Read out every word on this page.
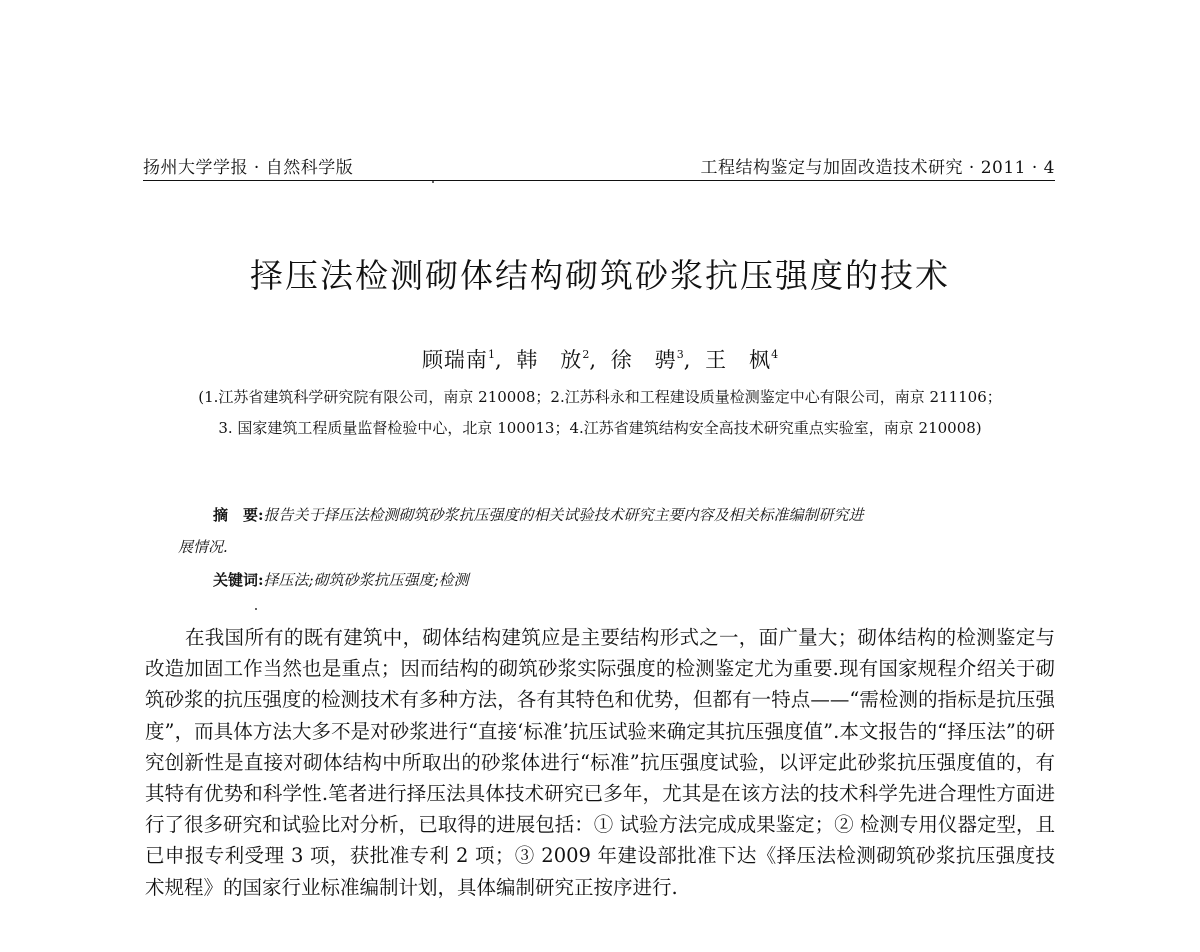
扬州大学学报 · 自然科学版	工程结构鉴定与加固改造技术研究 · 2011 · 4
择压法检测砌体结构砌筑砂浆抗压强度的技术
顾瑞南$^1$, 韩　放$^2$, 徐　骋$^3$, 王　枫$^4$
(1.江苏省建筑科学研究院有限公司，南京 210008；2.江苏科永和工程建设质量检测鉴定中心有限公司，南京 211106；
3. 国家建筑工程质量监督检验中心，北京 100013；4.江苏省建筑结构安全高技术研究重点实验室，南京 210008)
摘　要:报告关于择压法检测砌筑砂浆抗压强度的相关试验技术研究主要内容及相关标准编制研究进
展情况.
关键词:择压法;砌筑砂浆抗压强度;检测

在我国所有的既有建筑中，砌体结构建筑应是主要结构形式之一，面广量大；砌体结构的检测鉴定与改造加固工作当然也是重点；因而结构的砌筑砂浆实际强度的检测鉴定尤为重要.现有国家规程介绍关于砌筑砂浆的抗压强度的检测技术有多种方法，各有其特色和优势，但都有一特点——“需检测的指标是抗压强度”，而具体方法大多不是对砂浆进行“直接‘标准’抗压试验来确定其抗压强度值”.本文报告的“择压法”的研究创新性是直接对砌体结构中所取出的砂浆体进行“标准”抗压强度试验，以评定此砂浆抗压强度值的，有其特有优势和科学性.笔者进行择压法具体技术研究已多年，尤其是在该方法的技术科学先进合理性方面进行了很多研究和试验比对分析，已取得的进展包括：① 试验方法完成成果鉴定；② 检测专用仪器定型，且已申报专利受理 3 项，获批准专利 2 项；③ 2009 年建设部批准下达《择压法检测砌筑砂浆抗压强度技术规程》的国家行业标准编制计划，具体编制研究正按序进行.
